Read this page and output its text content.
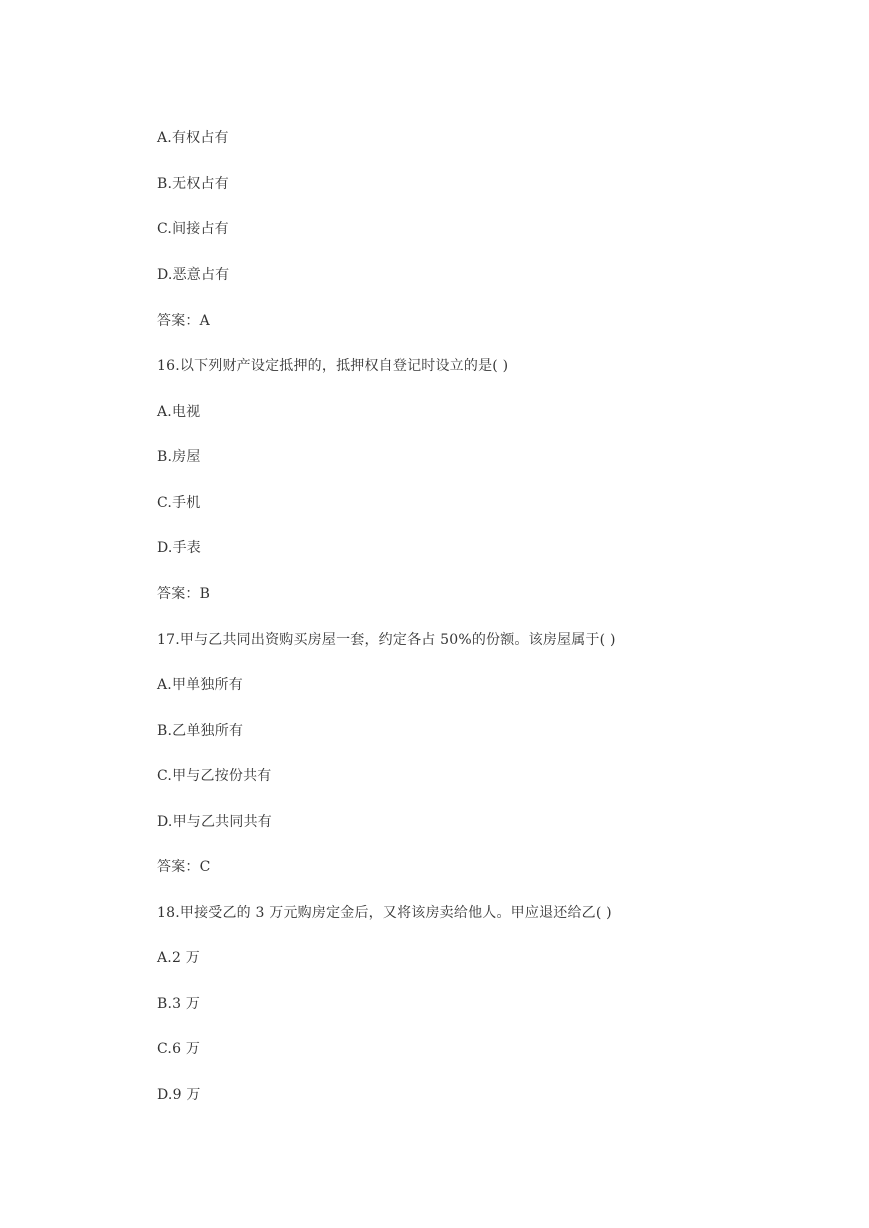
A.有权占有
B.无权占有
C.间接占有
D.恶意占有
答案：A
16.以下列财产设定抵押的，抵押权自登记时设立的是( )
A.电视
B.房屋
C.手机
D.手表
答案：B
17.甲与乙共同出资购买房屋一套，约定各占 50%的份额。该房屋属于( )
A.甲单独所有
B.乙单独所有
C.甲与乙按份共有
D.甲与乙共同共有
答案：C
18.甲接受乙的 3 万元购房定金后，又将该房卖给他人。甲应退还给乙( )
A.2 万
B.3 万
C.6 万
D.9 万
